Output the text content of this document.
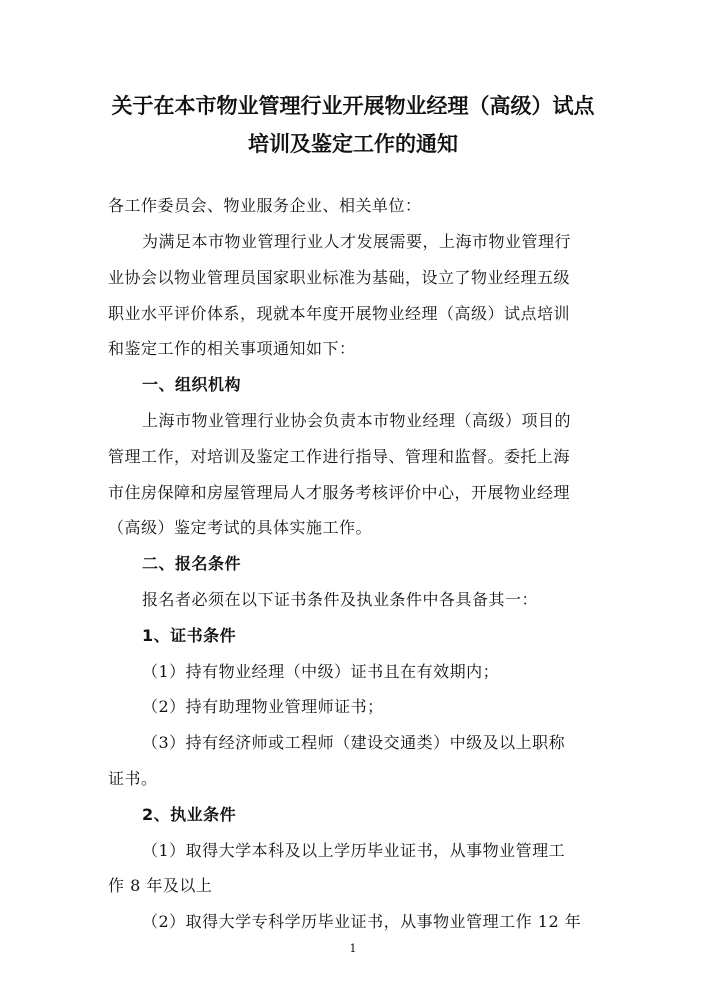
关于在本市物业管理行业开展物业经理（高级）试点
培训及鉴定工作的通知
各工作委员会、物业服务企业、相关单位：
为满足本市物业管理行业人才发展需要，上海市物业管理行
业协会以物业管理员国家职业标准为基础，设立了物业经理五级
职业水平评价体系，现就本年度开展物业经理（高级）试点培训
和鉴定工作的相关事项通知如下：
一、组织机构
上海市物业管理行业协会负责本市物业经理（高级）项目的
管理工作，对培训及鉴定工作进行指导、管理和监督。委托上海
市住房保障和房屋管理局人才服务考核评价中心，开展物业经理
（高级）鉴定考试的具体实施工作。
二、报名条件
报名者必须在以下证书条件及执业条件中各具备其一：
1、证书条件
（1）持有物业经理（中级）证书且在有效期内；
（2）持有助理物业管理师证书；
（3）持有经济师或工程师（建设交通类）中级及以上职称
证书。
2、执业条件
（1）取得大学本科及以上学历毕业证书，从事物业管理工
作 8 年及以上
（2）取得大学专科学历毕业证书，从事物业管理工作 12 年
1
